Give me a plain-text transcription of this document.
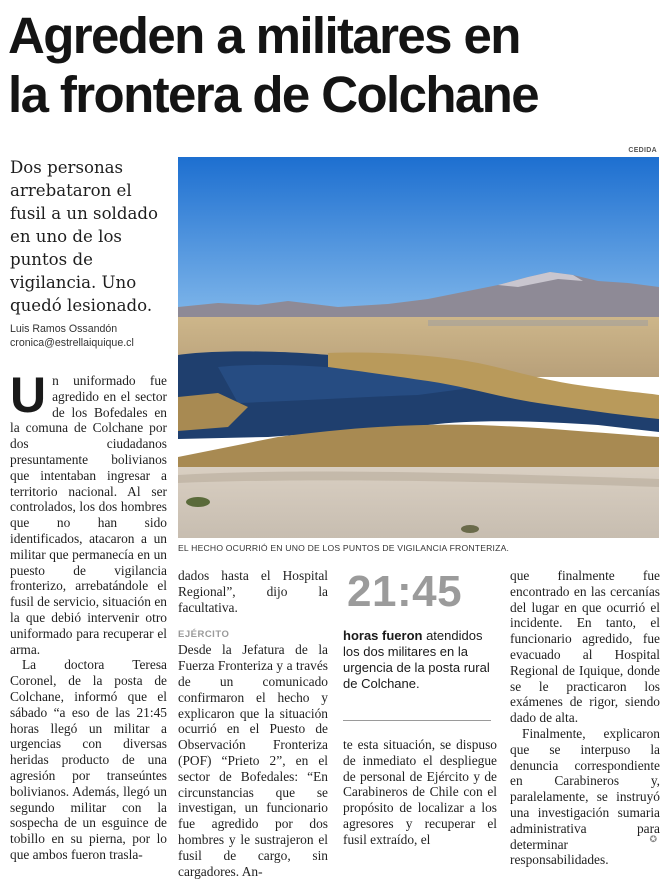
Agreden a militares en
la frontera de Colchane

Dos personas arrebataron el fusil a un soldado en uno de los puntos de vigilancia. Uno quedó lesionado.

Luis Ramos Ossandón
cronica@estrellaiquique.cl
CEDIDA
EL HECHO OCURRIÓ EN UNO DE LOS PUNTOS DE VIGILANCIA FRONTERIZA.

Un uniformado fue agredido en el sector de los Bofedales en la comuna de Colchane por dos ciudadanos presuntamente bolivianos que intentaban ingresar a territorio nacional. Al ser controlados, los dos hombres que no han sido identificados, atacaron a un militar que permanecía en un puesto de vigilancia fronterizo, arrebatándole el fusil de servicio, situación en la que debió intervenir otro uniformado para recuperar el arma.

La doctora Teresa Coronel, de la posta de Colchane, informó que el sábado “a eso de las 21:45 horas llegó un militar a urgencias con diversas heridas producto de una agresión por transeúntes bolivianos. Además, llegó un segundo militar con la sospecha de un esguince de tobillo en su pierna, por lo que ambos fueron trasla-

dados hasta el Hospital Regional”, dijo la facultativa.

EJÉRCITO

Desde la Jefatura de la Fuerza Fronteriza y a través de un comunicado confirmaron el hecho y explicaron que la situación ocurrió en el Puesto de Observación Fronteriza (POF) “Prieto 2”, en el sector de Bofedales: “En circunstancias que se investigan, un funcionario fue agredido por dos hombres y le sustrajeron el fusil de cargo, sin cargadores. An-

21:45

horas fueron atendidos los dos militares en la urgencia de la posta rural de Colchane.

te esta situación, se dispuso de inmediato el despliegue de personal de Ejército y de Carabineros de Chile con el propósito de localizar a los agresores y recuperar el fusil extraído, el

que finalmente fue encontrado en las cercanías del lugar en que ocurrió el incidente. En tanto, el funcionario agredido, fue evacuado al Hospital Regional de Iquique, donde se le practicaron los exámenes de rigor, siendo dado de alta.

Finalmente, explicaron que se interpuso la denuncia correspondiente en Carabineros y, paralelamente, se instruyó una investigación sumaria administrativa para determinar responsabilidades.

✪
